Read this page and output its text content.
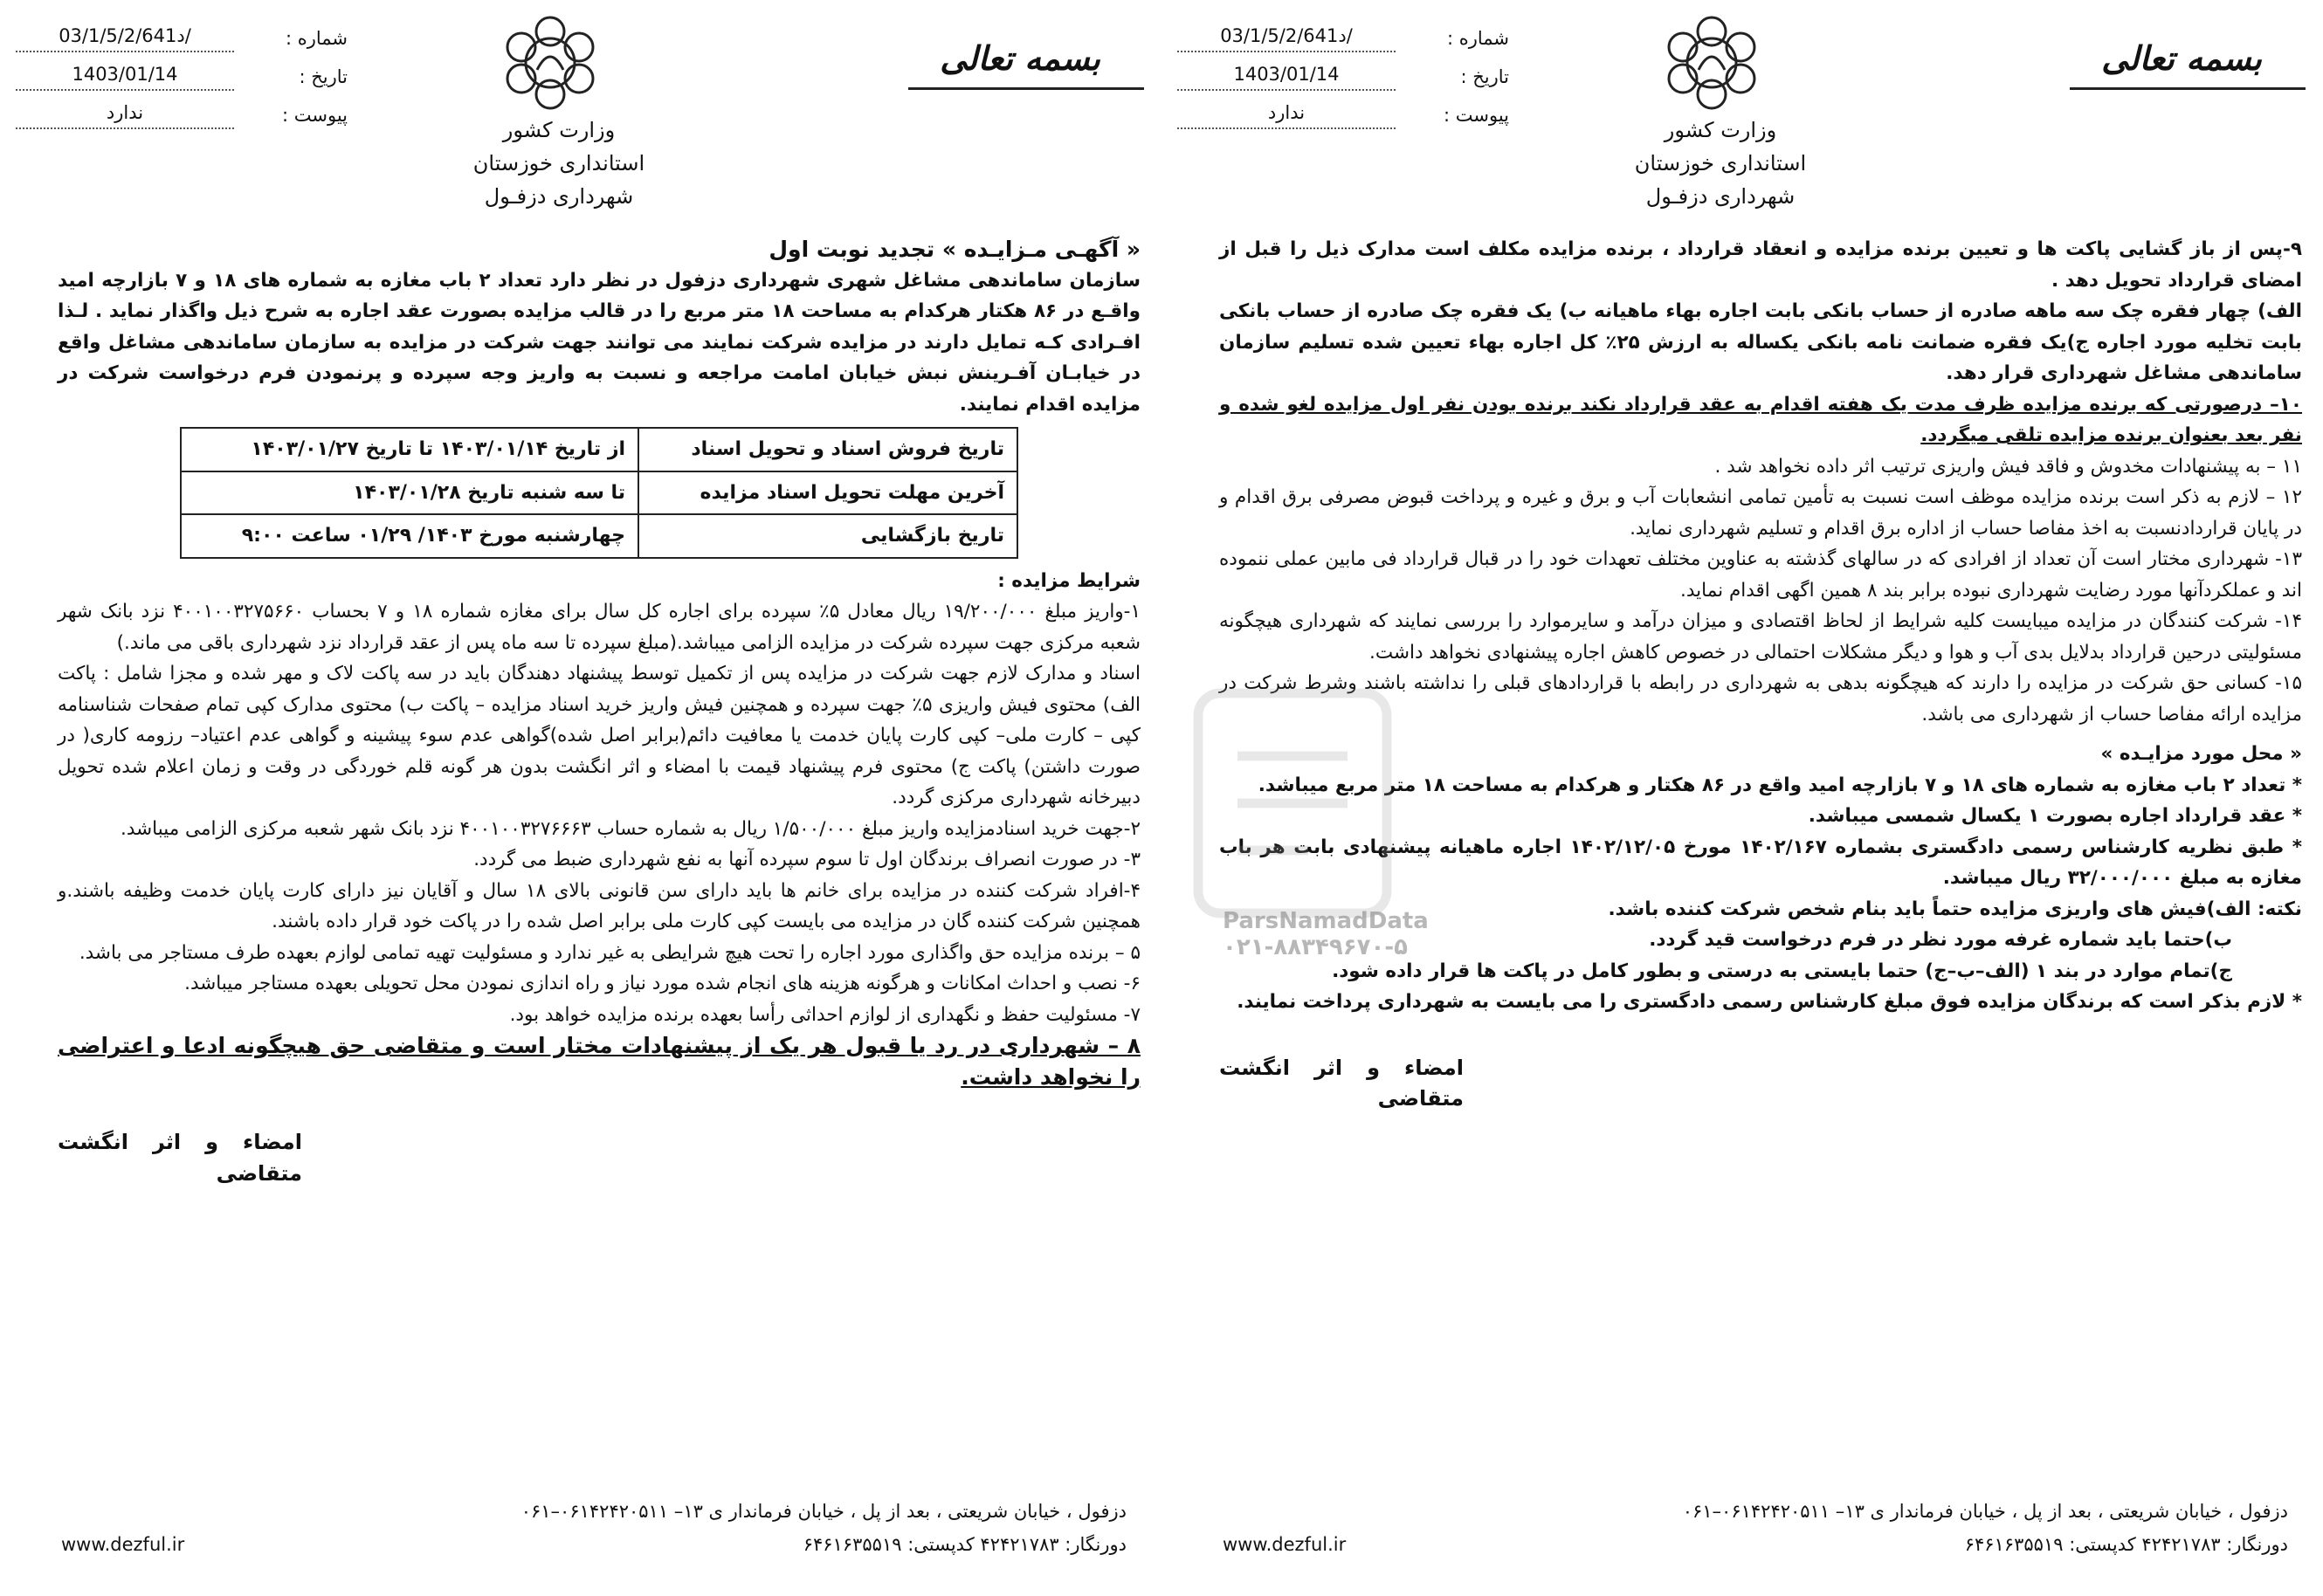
بسمه تعالی
وزارت کشور
استانداری خوزستان
شهرداری دزفـول
شماره :
03/1/5/2/641د/
تاریخ :
1403/01/14
پیوست :
ندارد

« آگهـی مـزایـده » تجدید نوبت اول

سازمان ساماندهی مشاغل شهری شهرداری دزفول در نظر دارد تعداد ۲ باب مغازه به شماره های ۱۸ و ۷ بازارچه امید واقـع در ۸۶ هکتار هرکدام به مساحت ۱۸ متر مربع را در قالب مزایده بصورت عقد اجاره به شرح ذیل واگذار نماید . لـذا افـرادی کـه تمایل دارند در مزایده شرکت نمایند می توانند جهت شرکت در مزایده به سازمان ساماندهی مشاغل واقع در خیابـان آفـرینش نبش خیابان امامت مراجعه و نسبت به واریز وجه سپرده و پرنمودن فرم درخواست شرکت در مزایده اقدام نمایند.

تاریخ فروش اسناد و تحویل اسناد	از تاریخ ۱۴۰۳/۰۱/۱۴ تا تاریخ ۱۴۰۳/۰۱/۲۷
آخرین مهلت تحویل اسناد مزایده	تا سه شنبه تاریخ ۱۴۰۳/۰۱/۲۸
تاریخ بازگشایی	چهارشنبه مورخ ۱۴۰۳/ ۰۱/۲۹ ساعت ۹:۰۰

شرایط مزایده :

۱-واریز مبلغ ۱۹/۲۰۰/۰۰۰ ریال معادل ۵٪ سپرده برای اجاره کل سال برای مغازه شماره ۱۸ و ۷ بحساب ۴۰۰۱۰۰۳۲۷۵۶۶۰ نزد بانک شهر شعبه مرکزی جهت سپرده شرکت در مزایده الزامی میباشد.(مبلغ سپرده تا سه ماه پس از عقد قرارداد نزد شهرداری باقی می ماند.)

اسناد و مدارک لازم جهت شرکت در مزایده پس از تکمیل توسط پیشنهاد دهندگان باید در سه پاکت لاک و مهر شده و مجزا شامل : پاکت الف) محتوی فیش واریزی ۵٪ جهت سپرده و همچنین فیش واریز خرید اسناد مزایده – پاکت ب) محتوی مدارک کپی تمام صفحات شناسنامه کپی – کارت ملی– کپی کارت پایان خدمت یا معافیت دائم(برابر اصل شده)گواهی عدم سوء پیشینه و گواهی عدم اعتیاد– رزومه کاری( در صورت داشتن) پاکت ج) محتوی فرم پیشنهاد قیمت با امضاء و اثر انگشت بدون هر گونه قلم خوردگی در وقت و زمان اعلام شده تحویل دبیرخانه شهرداری مرکزی گردد.

۲-جهت خرید اسنادمزایده واریز مبلغ ۱/۵۰۰/۰۰۰ ریال به شماره حساب ۴۰۰۱۰۰۳۲۷۶۶۶۳ نزد بانک شهر شعبه مرکزی الزامی میباشد.

۳- در صورت انصراف برندگان اول تا سوم سپرده آنها به نفع شهرداری ضبط می گردد.

۴-افراد شرکت کننده در مزایده برای خانم ها باید دارای سن قانونی بالای ۱۸ سال و آقایان نیز دارای کارت پایان خدمت وظیفه باشند.و همچنین شرکت کننده گان در مزایده می بایست کپی کارت ملی برابر اصل شده را در پاکت خود قرار داده باشند.

۵ – برنده مزایده حق واگذاری مورد اجاره را تحت هیچ شرایطی به غیر ندارد و مسئولیت تهیه تمامی لوازم بعهده طرف مستاجر می باشد.

۶- نصب و احداث امکانات و هرگونه هزینه های انجام شده مورد نیاز و راه اندازی نمودن محل تحویلی بعهده مستاجر میباشد.

۷- مسئولیت حفظ و نگهداری از لوازم احداثی رأسا بعهده برنده مزایده خواهد بود.

۸ – شهرداری در رد یا قبول هر یک از پیشنهادات مختار است و متقاضی حق هیچگونه ادعا و اعتراضی را نخواهد داشت.

امضاء و اثر انگشت متقاضی

دزفول ، خیابان شریعتی ، بعد از پل ، خیابان فرماندار ی ۱۳– ۰۶۱۴۲۴۲۰۵۱۱–۰۶۱
دورنگار: ۴۲۴۲۱۷۸۳ کدپستی: ۶۴۶۱۶۳۵۵۱۹
www.dezful.ir
بسمه تعالی
وزارت کشور
استانداری خوزستان
شهرداری دزفـول
شماره :
03/1/5/2/641د/
تاریخ :
1403/01/14
پیوست :
ندارد

۹-پس از باز گشایی پاکت ها و تعیین برنده مزایده و انعقاد قرارداد ، برنده مزایده مکلف است مدارک ذیل را قبل از امضای قرارداد تحویل دهد .

الف) چهار فقره چک سه ماهه صادره از حساب بانکی بابت اجاره بهاء ماهیانه ب) یک فقره چک صادره از حساب بانکی بابت تخلیه مورد اجاره ج)یک فقره ضمانت نامه بانکی یکساله به ارزش ۲۵٪ کل اجاره بهاء تعیین شده تسلیم سازمان ساماندهی مشاغل شهرداری قرار دهد.

۱۰– درصورتی که برنده مزایده ظرف مدت یک هفته اقدام به عقد قرارداد نکند برنده بودن نفر اول مزایده لغو شده و نفر بعد بعنوان برنده مزایده تلقی میگردد.

۱۱ – به پیشنهادات مخدوش و فاقد فیش واریزی ترتیب اثر داده نخواهد شد .

۱۲ – لازم به ذکر است برنده مزایده موظف است نسبت به تأمین تمامی انشعابات آب و برق و غیره و پرداخت قبوض مصرفی برق اقدام و در پایان قراردادنسبت به اخذ مفاصا حساب از اداره برق اقدام و تسلیم شهرداری نماید.

۱۳- شهرداری مختار است آن تعداد از افرادی که در سالهای گذشته به عناوین مختلف تعهدات خود را در قبال قرارداد فی مابین عملی ننموده اند و عملکردآنها مورد رضایت شهرداری نبوده برابر بند ۸ همین اگهی اقدام نماید.

۱۴- شرکت کنندگان در مزایده میبایست کلیه شرایط از لحاظ اقتصادی و میزان درآمد و سایرموارد را بررسی نمایند که شهرداری هیچگونه مسئولیتی درحین قرارداد بدلایل بدی آب و هوا و دیگر مشکلات احتمالی در خصوص کاهش اجاره پیشنهادی نخواهد داشت.

۱۵- کسانی حق شرکت در مزایده را دارند که هیچگونه بدهی به شهرداری در رابطه با قراردادهای قبلی را نداشته باشند وشرط شرکت در مزایده ارائه مفاصا حساب از شهرداری می باشد.

« محل مورد مزایـده »

* تعداد ۲ باب مغازه به شماره های ۱۸ و ۷ بازارچه امید واقع در ۸۶ هکتار و هرکدام به مساحت ۱۸ متر مربع میباشد.

* عقد قرارداد اجاره بصورت ۱ یکسال شمسی میباشد.

* طبق نظریه کارشناس رسمی دادگستری بشماره ۱۴۰۲/۱۶۷ مورخ ۱۴۰۲/۱۲/۰۵ اجاره ماهیانه پیشنهادی بابت هر باب مغازه به مبلغ ۳۲/۰۰۰/۰۰۰ ریال میباشد.

نکته: الف)فیش های واریزی مزایده حتماً باید بنام شخص شرکت کننده باشد.

ب)حتما باید شماره غرفه مورد نظر در فرم درخواست قید گردد.

ج)تمام موارد در بند ۱ (الف–ب–ج) حتما بایستی به درستی و بطور کامل در پاکت ها قرار داده شود.

* لازم بذکر است که برندگان مزایده فوق مبلغ کارشناس رسمی دادگستری را می بایست به شهرداری پرداخت نمایند.

امضاء و اثر انگشت متقاضی

دزفول ، خیابان شریعتی ، بعد از پل ، خیابان فرماندار ی ۱۳– ۰۶۱۴۲۴۲۰۵۱۱–۰۶۱
دورنگار: ۴۲۴۲۱۷۸۳ کدپستی: ۶۴۶۱۶۳۵۵۱۹
www.dezful.ir
ParsNamadData
۰۲۱-۸۸۳۴۹۶۷۰-۵
